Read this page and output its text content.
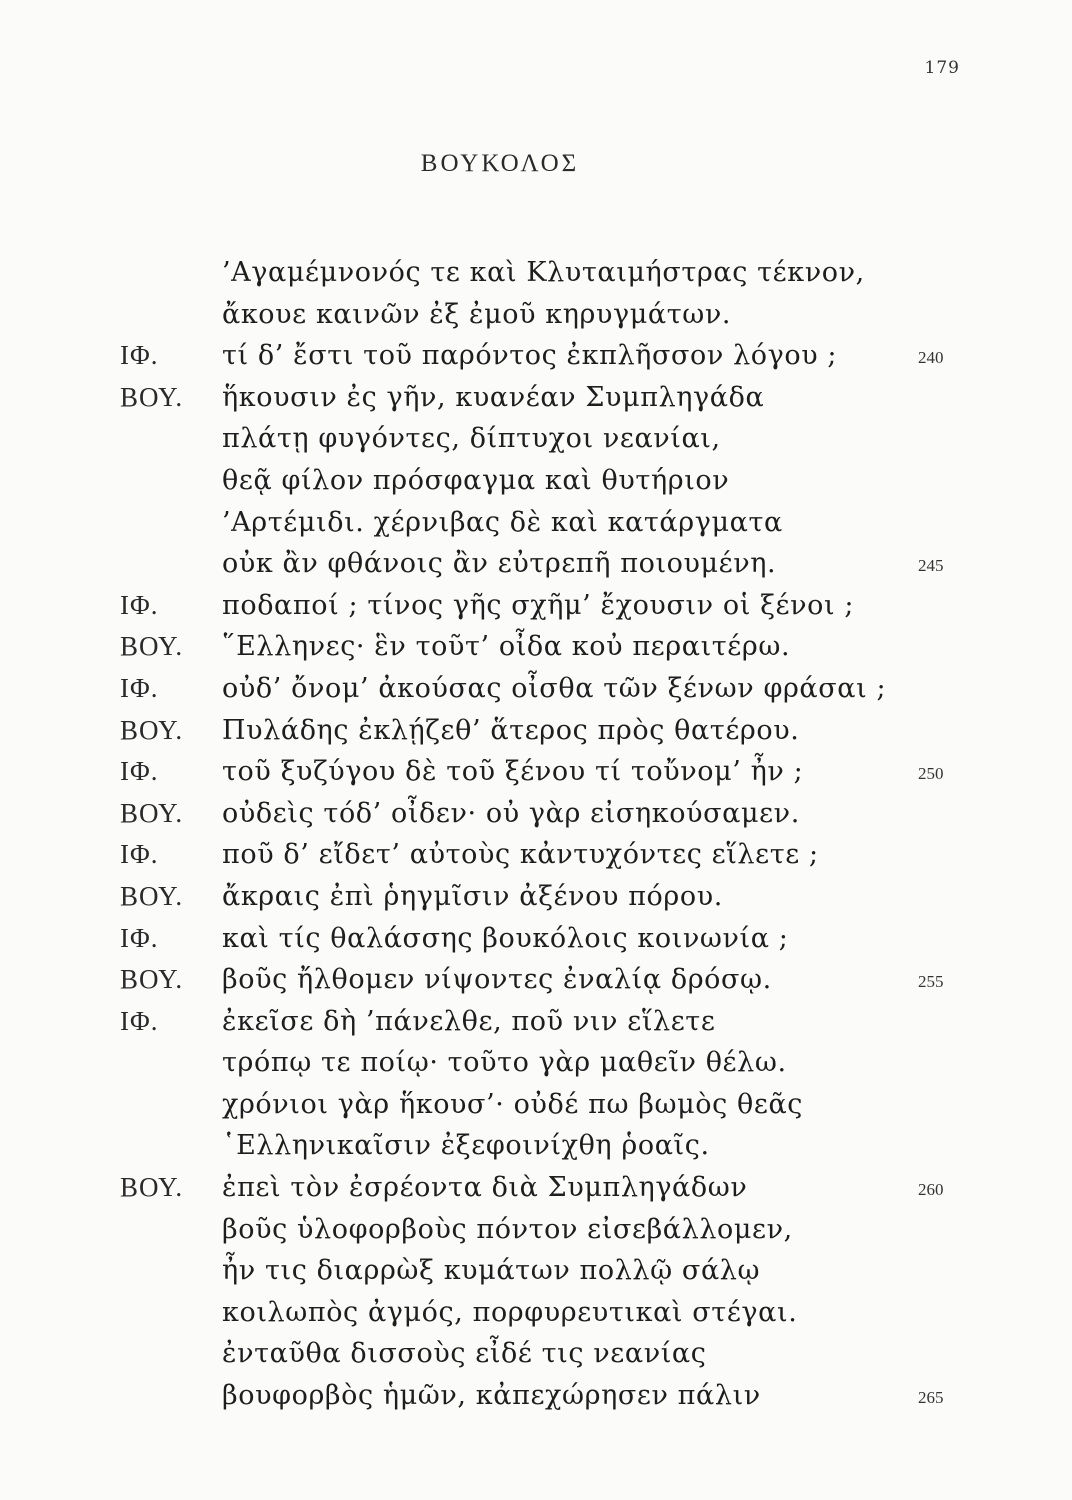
179
ΒΟΥΚΟΛΟΣ
’Αγαμέμνονός τε καὶ Κλυταιμήστρας τέκνον,
ἄκουε καινῶν ἐξ ἐμοῦ κηρυγμάτων.
ΙΦ. τί δ’ ἔστι τοῦ παρόντος ἐκπλῆσσον λόγου ;	240
ΒΟΥ. ἥκουσιν ἐς γῆν, κυανέαν Συμπληγάδα
πλάτῃ φυγόντες, δίπτυχοι νεανίαι,
θεᾷ φίλον πρόσφαγμα καὶ θυτήριον
’Αρτέμιδι. χέρνιβας δὲ καὶ κατάργματα
οὐκ ἂν φθάνοις ἂν εὐτρεπῆ ποιουμένη.	245
ΙΦ. ποδαποί ; τίνος γῆς σχῆμ’ ἔχουσιν οἱ ξένοι ;
ΒΟΥ. ῞Ελληνες· ἓν τοῦτ’ οἶδα κοὐ περαιτέρω.
ΙΦ. οὐδ’ ὄνομ’ ἀκούσας οἶσθα τῶν ξένων φράσαι ;
ΒΟΥ. Πυλάδης ἐκλῄζεθ’ ἅτερος πρὸς θατέρου.
ΙΦ. τοῦ ξυζύγου δὲ τοῦ ξένου τί τοὔνομ’ ἦν ;	250
ΒΟΥ. οὐδεὶς τόδ’ οἶδεν· οὐ γὰρ εἰσηκούσαμεν.
ΙΦ. ποῦ δ’ εἴδετ’ αὐτοὺς κἀντυχόντες εἵλετε ;
ΒΟΥ. ἄκραις ἐπὶ ῥηγμῖσιν ἀξένου πόρου.
ΙΦ. καὶ τίς θαλάσσης βουκόλοις κοινωνία ;
ΒΟΥ. βοῦς ἤλθομεν νίψοντες ἐναλίᾳ δρόσῳ.	255
ΙΦ. ἐκεῖσε δὴ ’πάνελθε, ποῦ νιν εἵλετε
τρόπῳ τε ποίῳ· τοῦτο γὰρ μαθεῖν θέλω.
χρόνιοι γὰρ ἥκουσ’· οὐδέ πω βωμὸς θεᾶς
῾Ελληνικαῖσιν ἐξεφοινίχθη ῥοαῖς.
ΒΟΥ. ἐπεὶ τὸν ἐσρέοντα διὰ Συμπληγάδων	260
βοῦς ὑλοφορβοὺς πόντον εἰσεβάλλομεν,
ἦν τις διαρρὼξ κυμάτων πολλῷ σάλῳ
κοιλωπὸς ἀγμός, πορφυρευτικαὶ στέγαι.
ἐνταῦθα δισσοὺς εἶδέ τις νεανίας
βουφορβὸς ἡμῶν, κἀπεχώρησεν πάλιν	265
